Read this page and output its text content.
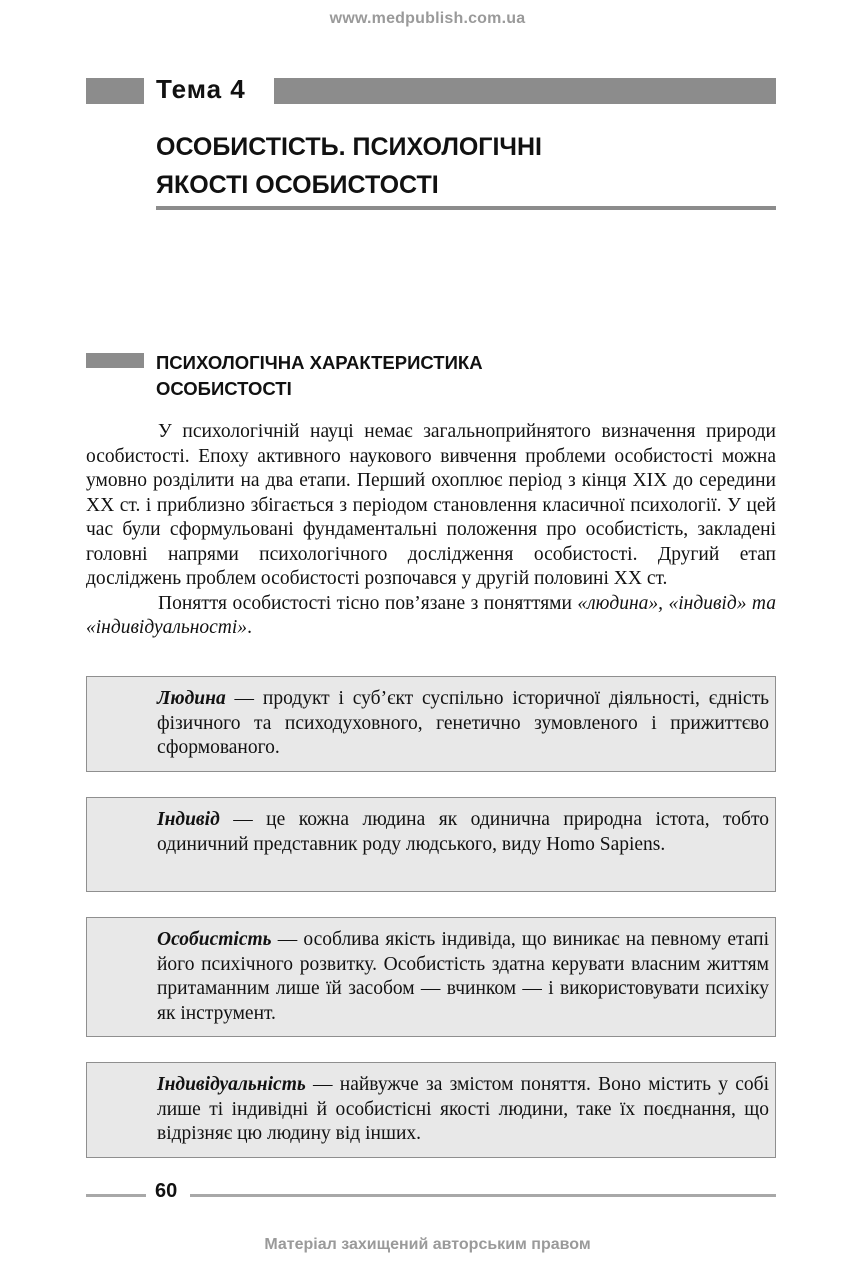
www.medpublish.com.ua
Тема 4
ОСОБИСТІСТЬ. ПСИХОЛОГІЧНІ
ЯКОСТІ ОСОБИСТОСТІ
ПСИХОЛОГІЧНА ХАРАКТЕРИСТИКА
ОСОБИСТОСТІ

У психологічній науці немає загальноприйнятого визначення природи особистості. Епоху активного наукового вивчення проблеми особистості можна умовно розділити на два етапи. Перший охоплює період з кінця XIX до середини XX ст. і приблизно збігається з періодом становлення класичної психології. У цей час були сформульовані фундаментальні положення про особистість, закладені головні напрями психологічного дослідження особистості. Другий етап досліджень проблем особистості розпочався у другій половині XX ст.

Поняття особистості тісно пов’язане з поняттями «людина», «індивід» та «індивідуальності».

Людина — продукт і суб’єкт суспільно історичної діяльності, єдність фізичного та психодуховного, генетично зумовленого і прижиттєво сформованого.
Індивід — це кожна людина як одинична природна істота, тобто одиничний представник роду людського, виду Homo Sapiens.
Особистість — особлива якість індивіда, що виникає на певному етапі його психічного розвитку. Особистість здатна керувати власним життям притаманним лише їй засобом — вчинком — і використовувати психіку як інструмент.
Індивідуальність — найвужче за змістом поняття. Воно містить у собі лише ті індивідні й особистісні якості людини, таке їх поєднання, що відрізняє цю людину від інших.
60
Матеріал захищений авторським правом
